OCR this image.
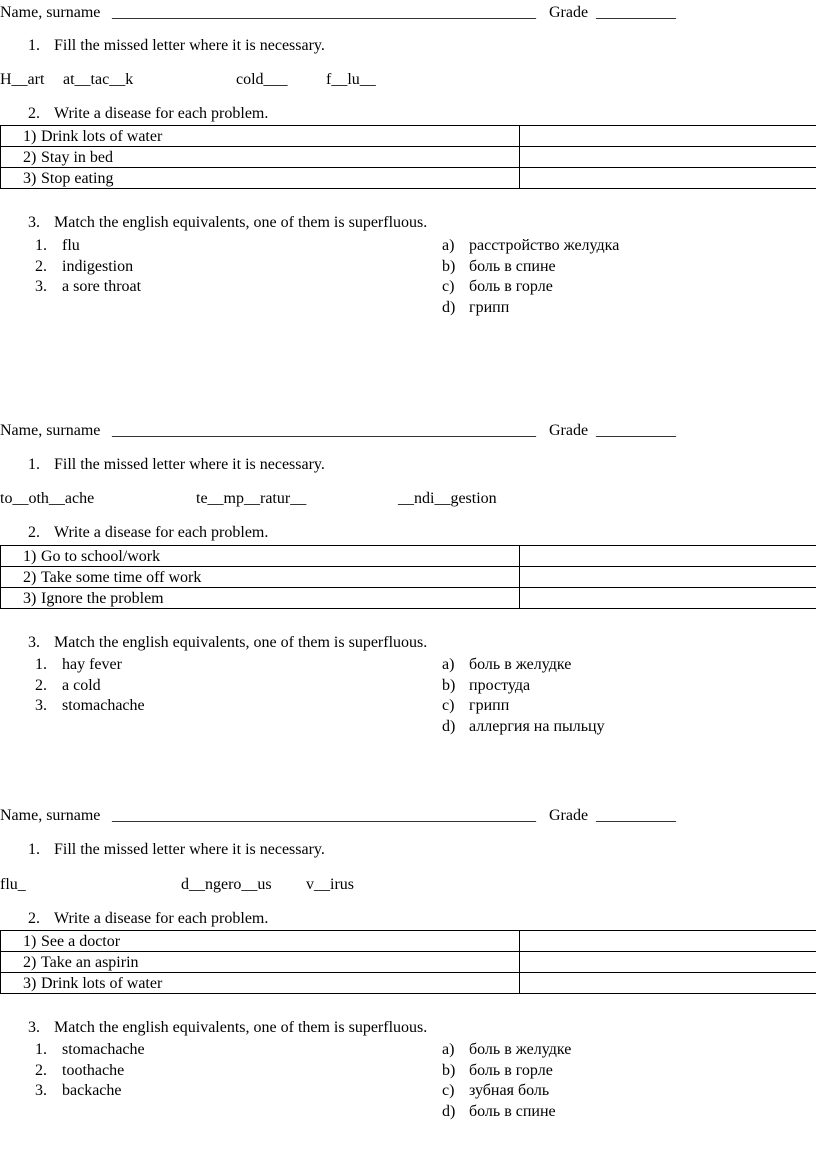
Name, surname _____________________________________________________ Grade __________
1. Fill the missed letter where it is necessary.
H__art at__tac__k	cold___ f__lu__
2. Write a disease for each problem.
1) Drink lots of water	
2) Stay in bed	
3) Stop eating	
3. Match the english equivalents, one of them is superfluous.
1. flu
2. indigestion
3. a sore throat
a) расстройство желудка
b) боль в спине
c) боль в горле
d) грипп
Name, surname _____________________________________________________ Grade __________
1. Fill the missed letter where it is necessary.
to__oth__ache	te__mp__ratur__	__ndi__gestion
2. Write a disease for each problem.
1) Go to school/work	
2) Take some time off work	
3) Ignore the problem	
3. Match the english equivalents, one of them is superfluous.
1. hay fever
2. a cold
3. stomachache
a) боль в желудке
b) простуда
c) грипп
d) аллергия на пыльцу
Name, surname _____________________________________________________ Grade __________
1. Fill the missed letter where it is necessary.
flu_	d__ngero__us v__irus
2. Write a disease for each problem.
1) See a doctor	
2) Take an aspirin	
3) Drink lots of water	
3. Match the english equivalents, one of them is superfluous.
1. stomachache
2. toothache
3. backache
a) боль в желудке
b) боль в горле
c) зубная боль
d) боль в спине
